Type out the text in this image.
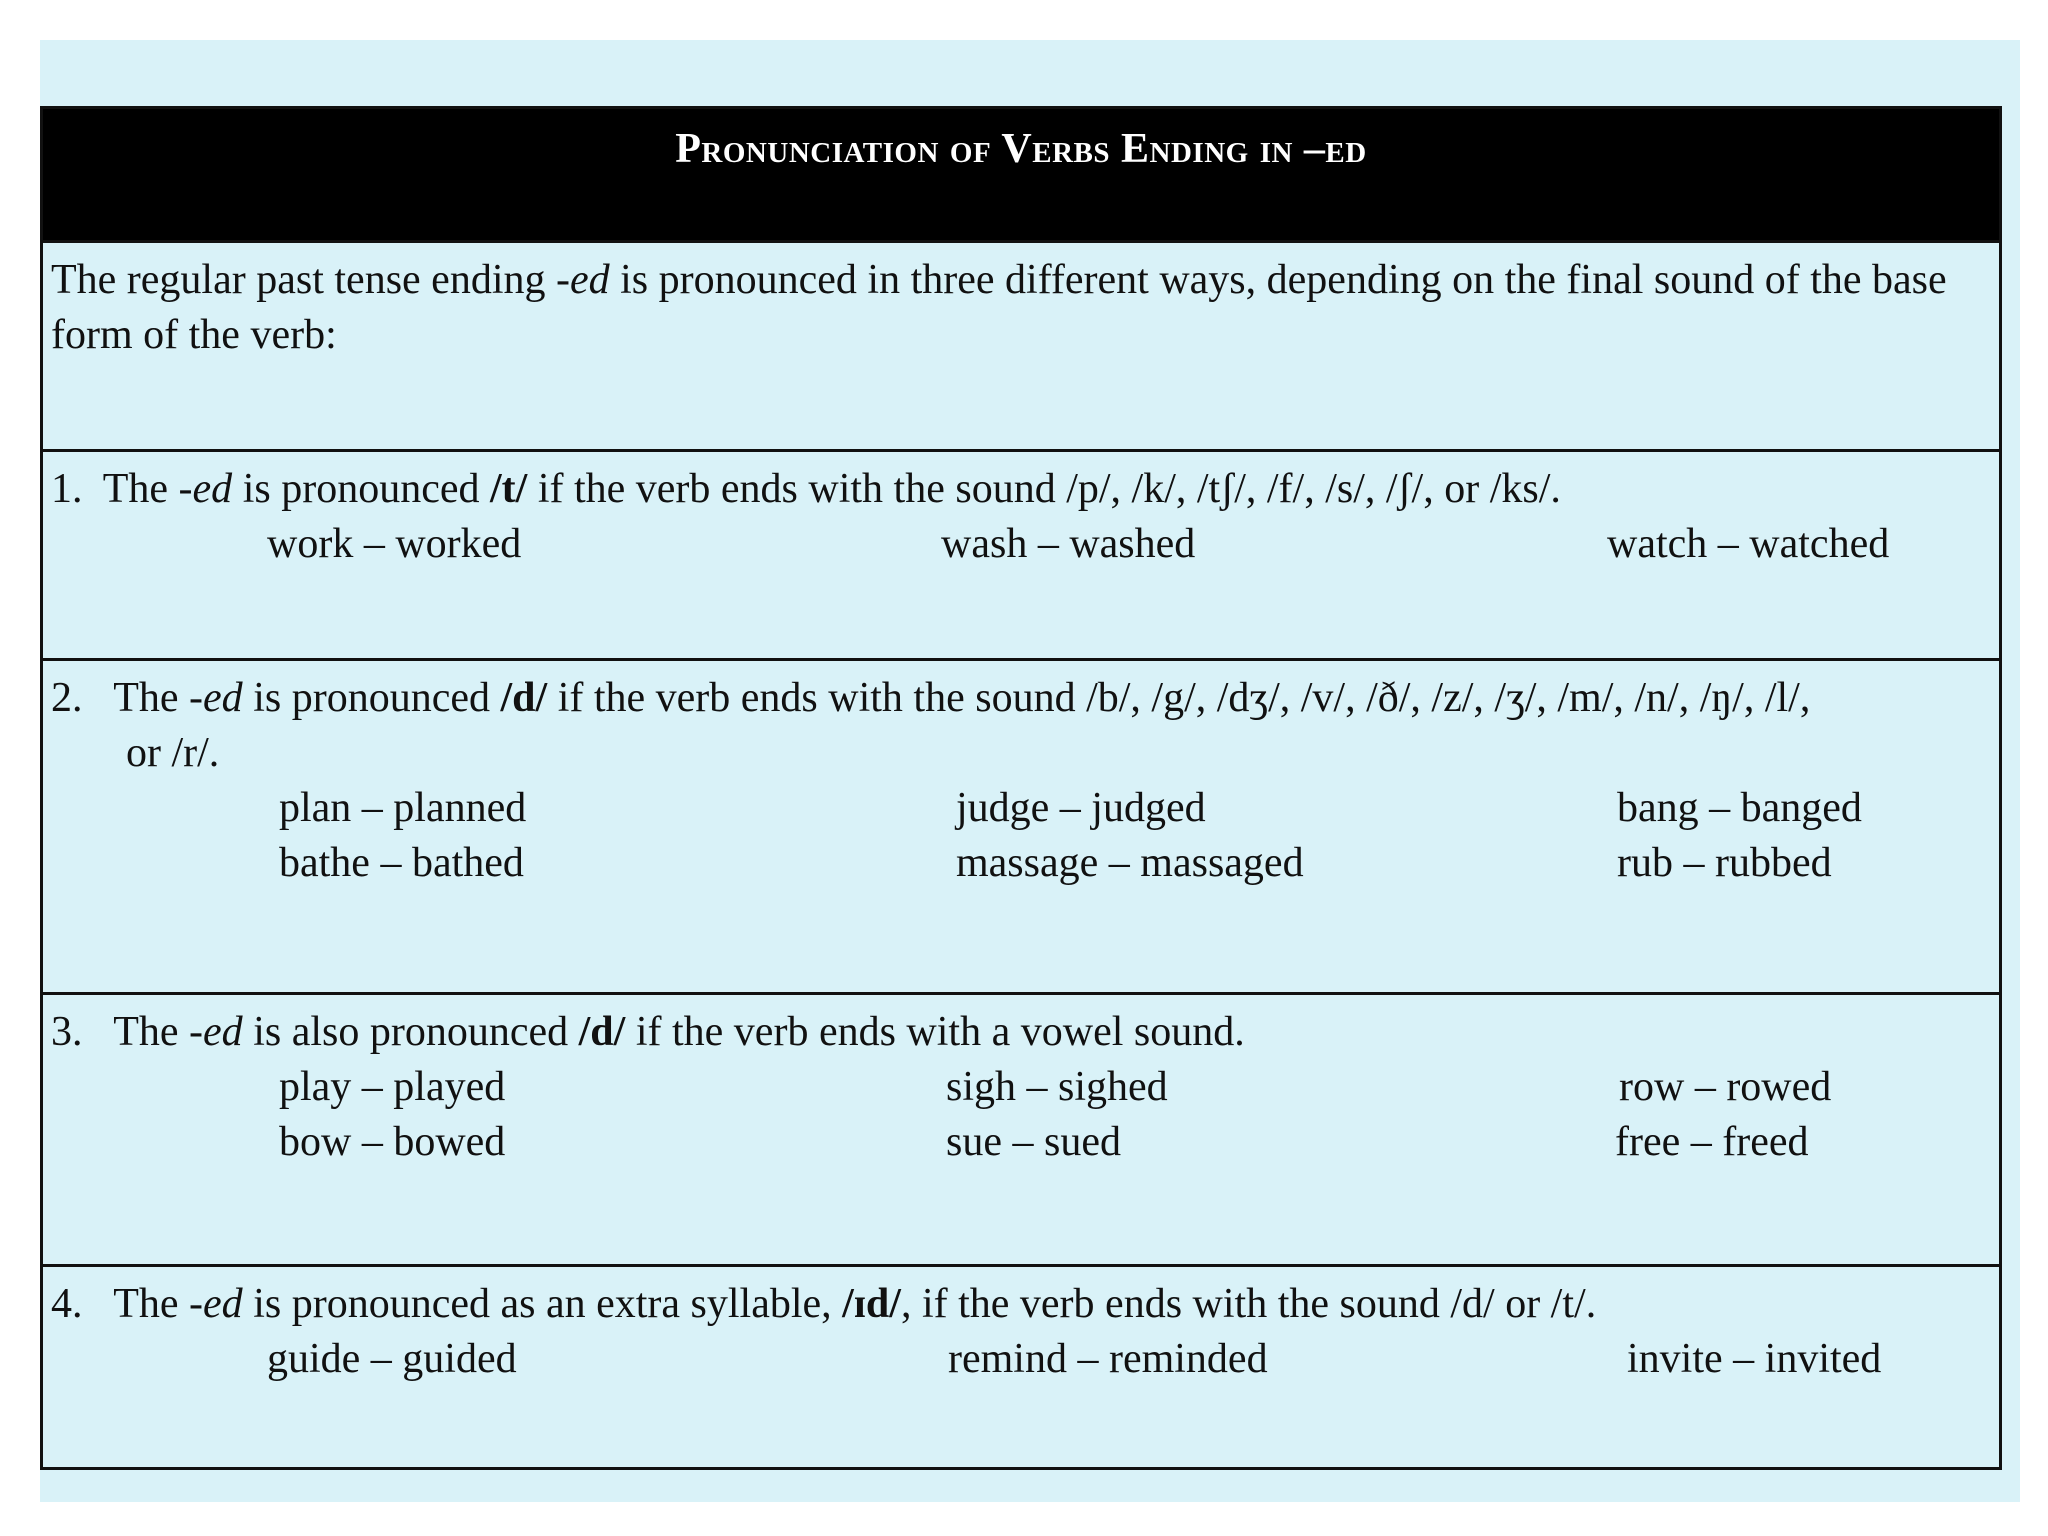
Pronunciation of Verbs Ending in –ed
The regular past tense ending -ed is pronounced in three different ways, depending on the final sound of the base form of the verb:
1. The -ed is pronounced /t/ if the verb ends with the sound /p/, /k/, /tʃ/, /f/, /s/, /ʃ/, or /ks/.
work – worked	wash – washed	watch – watched
2. The -ed is pronounced /d/ if the verb ends with the sound /b/, /g/, /dʒ/, /v/, /ð/, /z/, /ʒ/, /m/, /n/, /ŋ/, /l/,
or /r/.
plan – planned	judge – judged	bang – banged
bathe – bathed	massage – massaged	rub – rubbed
3. The -ed is also pronounced /d/ if the verb ends with a vowel sound.
play – played	sigh – sighed	row – rowed
bow – bowed	sue – sued	free – freed
4. The -ed is pronounced as an extra syllable, /ɪd/, if the verb ends with the sound /d/ or /t/.
guide – guided	remind – reminded	invite – invited
